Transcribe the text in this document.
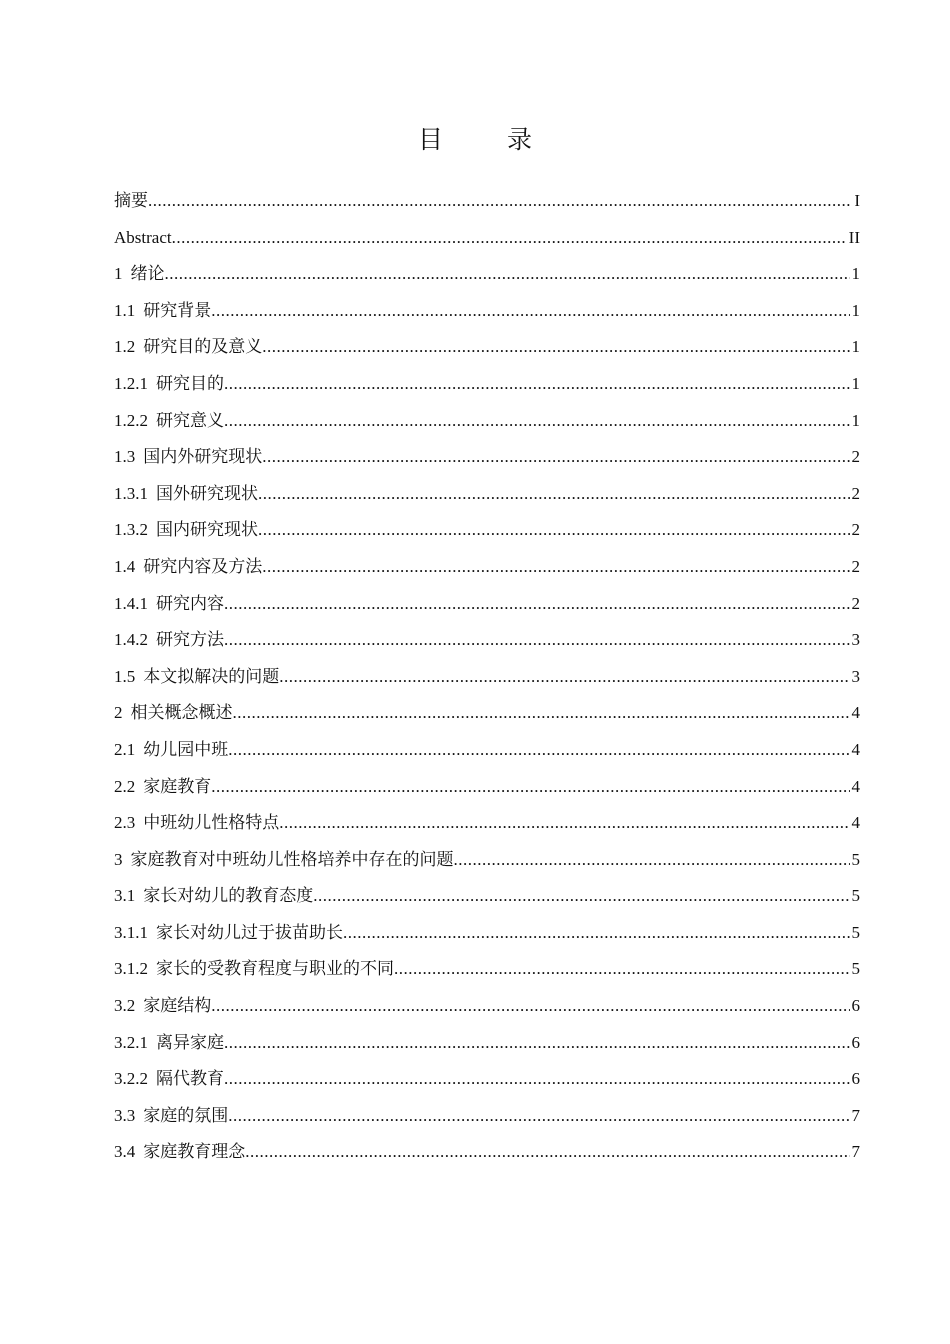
目 录
摘要 .....	I
Abstract .....	II
1 绪论 .....	1
1.1 研究背景 .....	1
1.2 研究目的及意义 .....	1
1.2.1 研究目的 .....	1
1.2.2 研究意义 .....	1
1.3 国内外研究现状 .....	2
1.3.1 国外研究现状 .....	2
1.3.2 国内研究现状 .....	2
1.4 研究内容及方法 .....	2
1.4.1 研究内容 .....	2
1.4.2 研究方法 .....	3
1.5 本文拟解决的问题 .....	3
2 相关概念概述 .....	4
2.1 幼儿园中班 .....	4
2.2 家庭教育 .....	4
2.3 中班幼儿性格特点 .....	4
3 家庭教育对中班幼儿性格培养中存在的问题 .....	5
3.1 家长对幼儿的教育态度 .....	5
3.1.1 家长对幼儿过于拔苗助长 .....	5
3.1.2 家长的受教育程度与职业的不同 .....	5
3.2 家庭结构 .....	6
3.2.1 离异家庭 .....	6
3.2.2 隔代教育 .....	6
3.3 家庭的氛围 .....	7
3.4 家庭教育理念 .....	7
